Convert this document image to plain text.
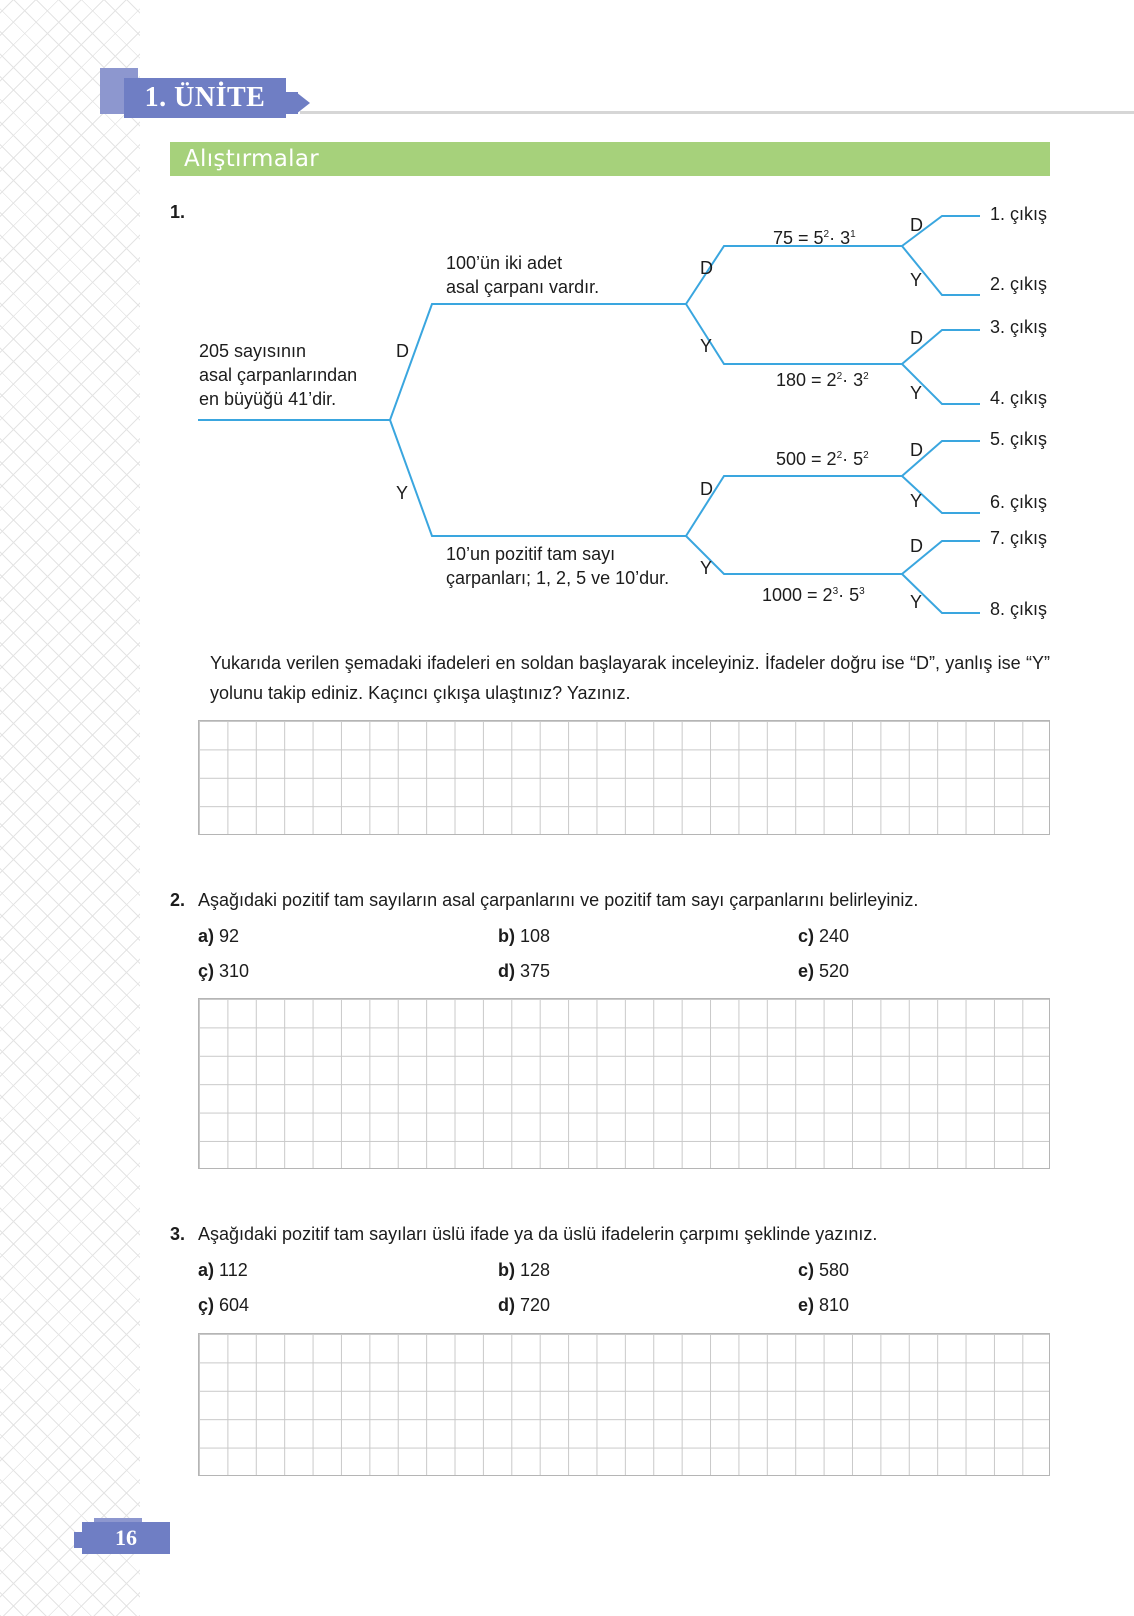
1. ÜNİTE
Alıştırmalar
1.
205 sayısının
asal çarpanlarından
en büyüğü 41’dir.
D
Y
100’ün iki adet
asal çarpanı vardır.
10’un pozitif tam sayı
çarpanları; 1, 2, 5 ve 10’dur.
D
Y
D
Y
$75 = 5^2\cdot 3^1$
$180 = 2^2\cdot 3^2$
$500 = 2^2\cdot 5^2$
$1000 = 2^3\cdot 5^3$
D
Y
D
Y
D
Y
D
Y
1. çıkış
2. çıkış
3. çıkış
4. çıkış
5. çıkış
6. çıkış
7. çıkış
8. çıkış
Yukarıda verilen şemadaki ifadeleri en soldan başlayarak inceleyiniz. İfadeler doğru ise “D”, yanlış ise “Y” yolunu takip ediniz. Kaçıncı çıkışa ulaştınız? Yazınız.
2. Aşağıdaki pozitif tam sayıların asal çarpanlarını ve pozitif tam sayı çarpanlarını belirleyiniz.
a) 92	b) 108	c) 240
ç) 310	d) 375	e) 520
3. Aşağıdaki pozitif tam sayıları üslü ifade ya da üslü ifadelerin çarpımı şeklinde yazınız.
a) 112	b) 128	c) 580
ç) 604	d) 720	e) 810
16
